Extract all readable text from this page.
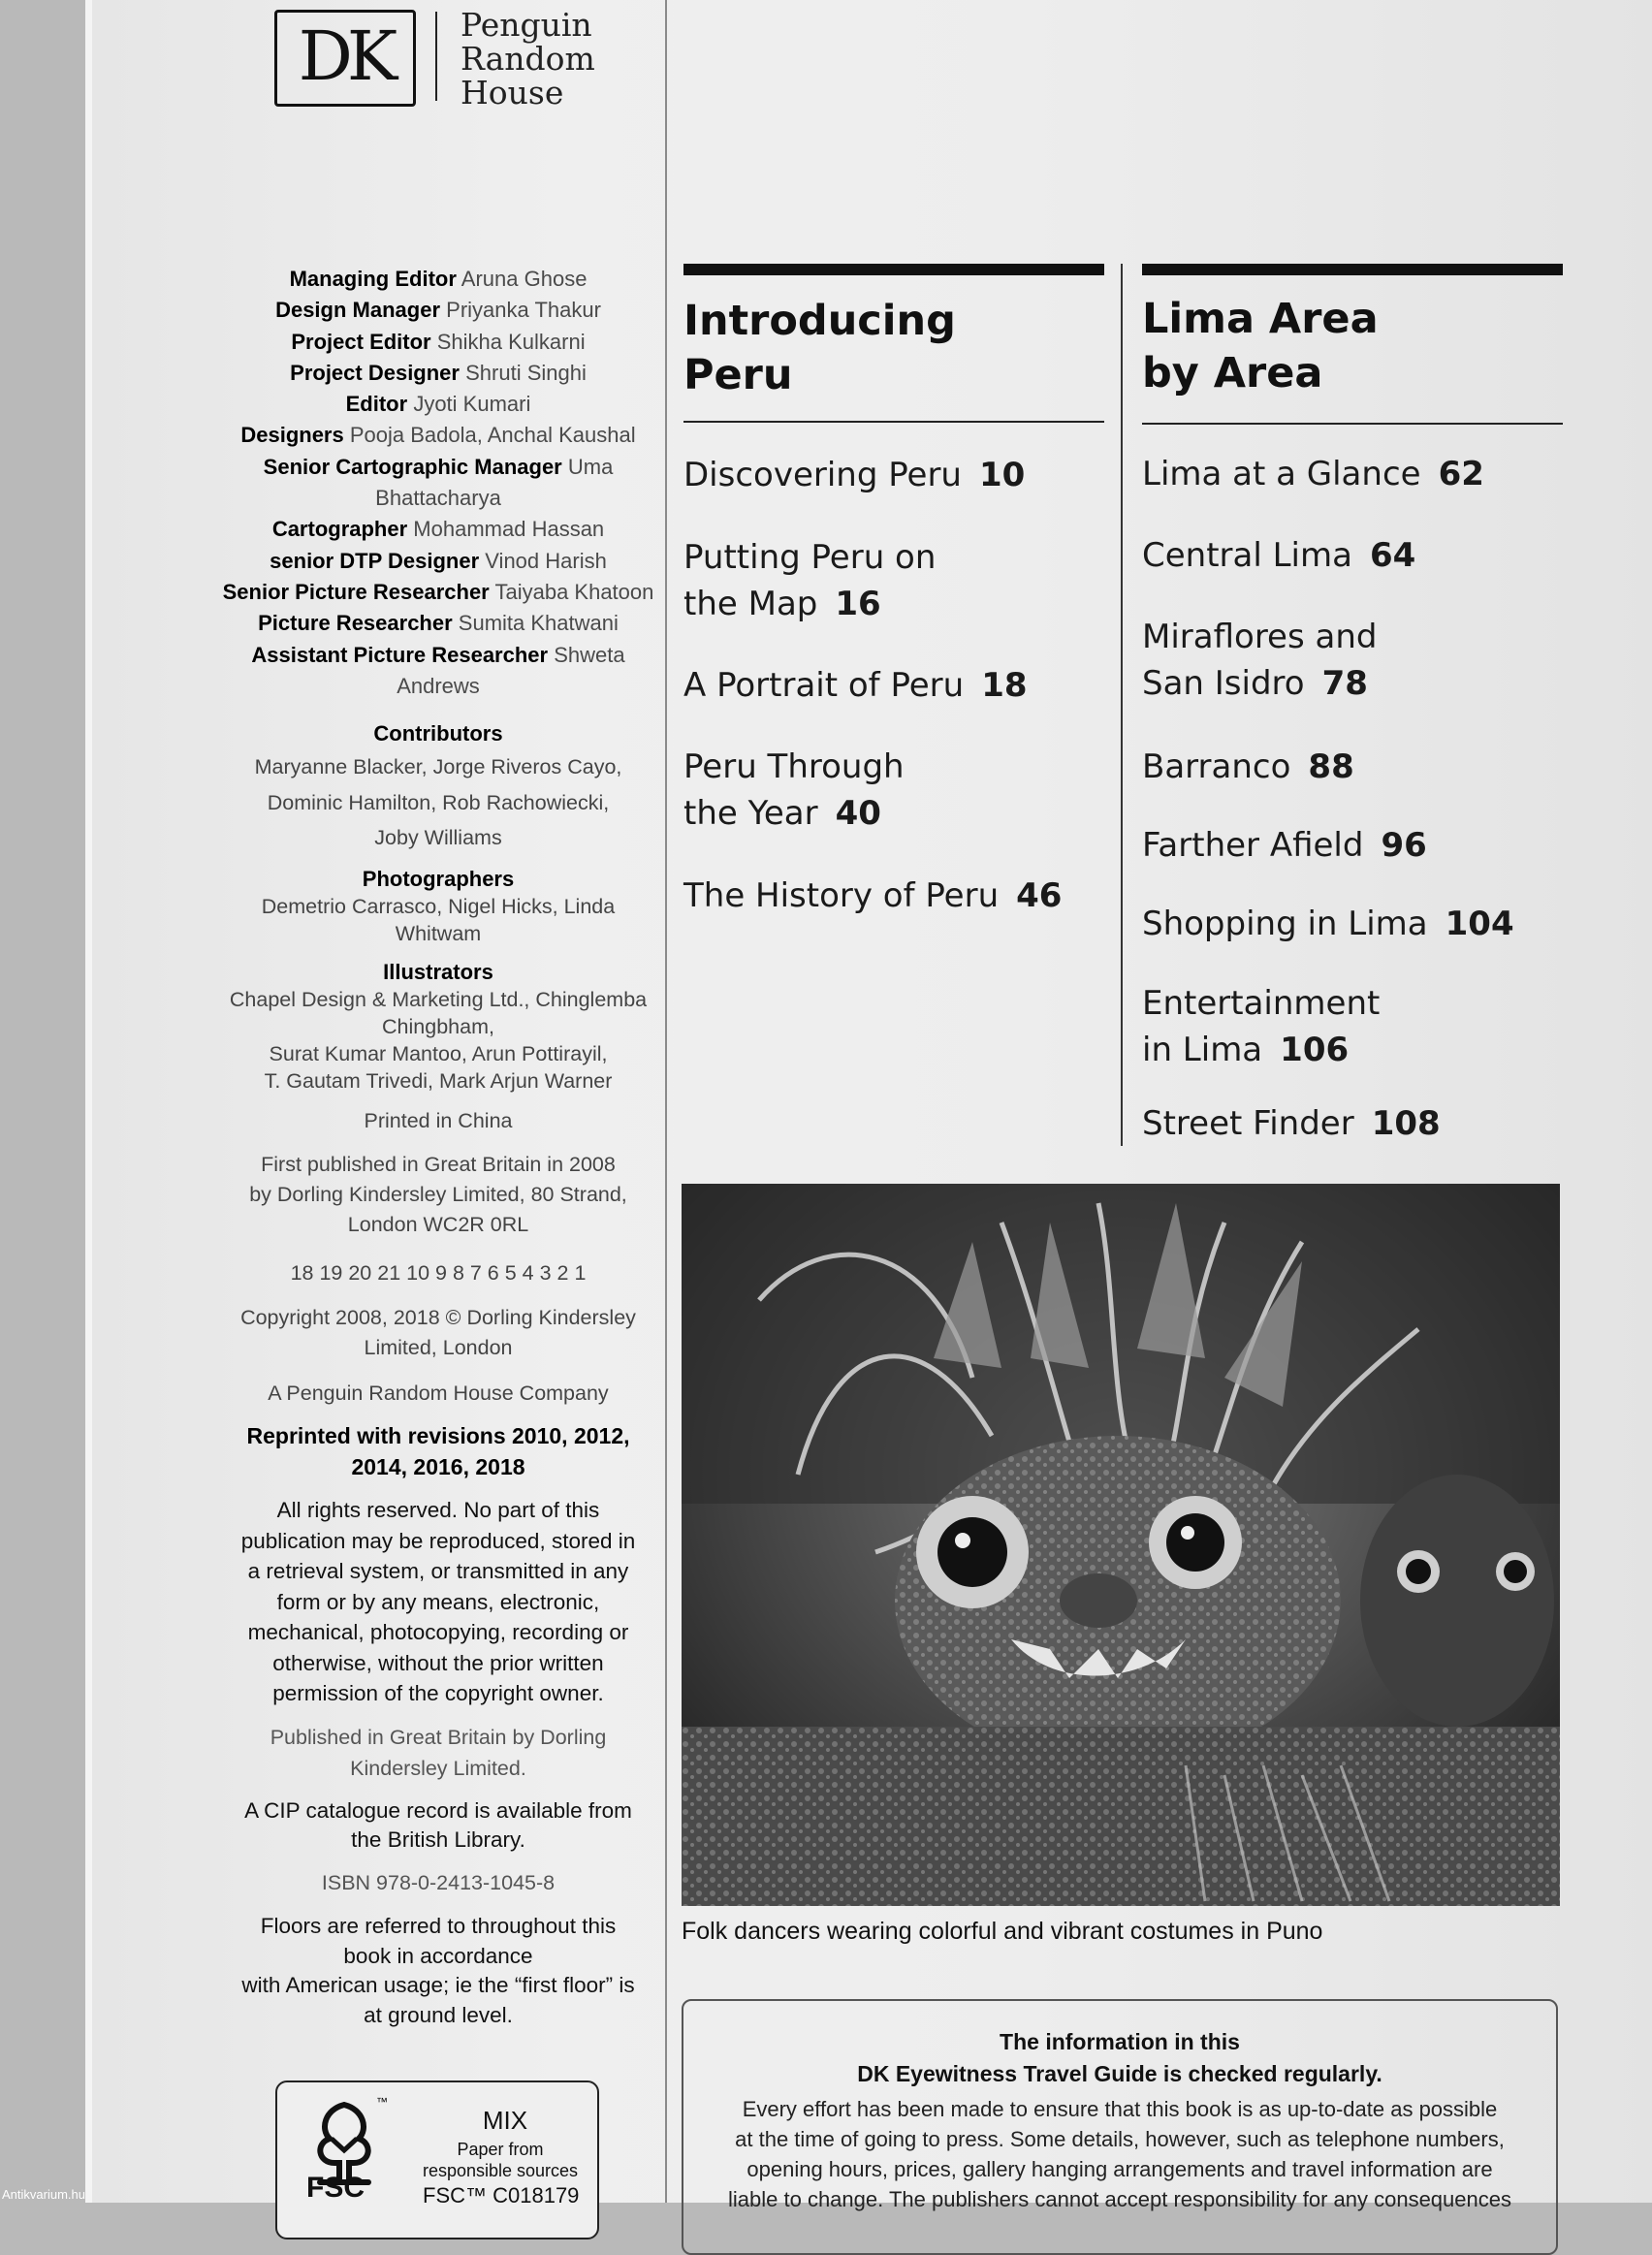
DK	Penguin
Random
House
Managing Editor Aruna Ghose
Design Manager Priyanka Thakur
Project Editor Shikha Kulkarni
Project Designer Shruti Singhi
Editor Jyoti Kumari
Designers Pooja Badola, Anchal Kaushal
Senior Cartographic Manager Uma
Bhattacharya
Cartographer Mohammad Hassan
senior DTP Designer Vinod Harish
Senior Picture Researcher Taiyaba Khatoon
Picture Researcher Sumita Khatwani
Assistant Picture Researcher Shweta
Andrews
Contributors
Maryanne Blacker, Jorge Riveros Cayo,
Dominic Hamilton, Rob Rachowiecki,
Joby Williams
Photographers
Demetrio Carrasco, Nigel Hicks, Linda
Whitwam
Illustrators
Chapel Design & Marketing Ltd., Chinglemba
Chingbham,
Surat Kumar Mantoo, Arun Pottirayil,
T. Gautam Trivedi, Mark Arjun Warner
Printed in China
First published in Great Britain in 2008
by Dorling Kindersley Limited, 80 Strand,
London WC2R 0RL
18 19 20 21 10 9 8 7 6 5 4 3 2 1
Copyright 2008, 2018 © Dorling Kindersley
Limited, London
A Penguin Random House Company
Reprinted with revisions 2010, 2012,
2014, 2016, 2018
All rights reserved. No part of this
publication may be reproduced, stored in
a retrieval system, or transmitted in any
form or by any means, electronic,
mechanical, photocopying, recording or
otherwise, without the prior written
permission of the copyright owner.
Published in Great Britain by Dorling
Kindersley Limited.
A CIP catalogue record is available from
the British Library.
ISBN 978-0-2413-1045-8
Floors are referred to throughout this
book in accordance
with American usage; ie the “first floor” is
at ground level.
™
FSC
MIX
Paper from
responsible sources
FSC™ C018179
Introducing
Peru
Discovering Peru 10
Putting Peru on
the Map 16
A Portrait of Peru 18
Peru Through
the Year 40
The History of Peru 46
Lima Area
by Area
Lima at a Glance 62
Central Lima 64
Miraflores and
San Isidro 78
Barranco 88
Farther Afield 96
Shopping in Lima 104
Entertainment
in Lima 106
Street Finder 108
Folk dancers wearing colorful and vibrant costumes in Puno
The information in this
DK Eyewitness Travel Guide is checked regularly.
Every effort has been made to ensure that this book is as up-to-date as possible
at the time of going to press. Some details, however, such as telephone numbers,
opening hours, prices, gallery hanging arrangements and travel information are
liable to change. The publishers cannot accept responsibility for any consequences
Antikvarium.hu
